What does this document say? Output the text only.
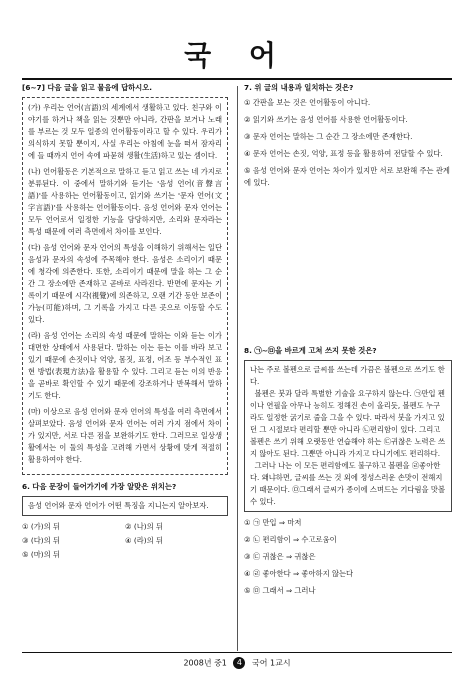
국 어
[6~7] 다음 글을 읽고 물음에 답하시오.
(가) 우리는 언어(言語)의 세계에서 생활하고 있다. 친구와 이야기를 하거나 책을 읽는 것뿐만 아니라, 간판을 보거나 노래를 부르는 것 모두 일종의 언어활동이라고 할 수 있다. 우리가 의식하지 못할 뿐이지, 사실 우리는 아침에 눈을 떠서 잠자리에 들 때까지 언어 속에 파묻혀 생활(生活)하고 있는 셈이다.
(나) 언어활동은 기본적으로 말하고 듣고 읽고 쓰는 네 가지로 분류된다. 이 중에서 말하기와 듣기는 '음성 언어(音聲言語)'를 사용하는 언어활동이고, 읽기와 쓰기는 '문자 언어(文字言語)'를 사용하는 언어활동이다. 음성 언어와 문자 언어는 모두 언어로서 일정한 기능을 담당하지만, 소리와 문자라는 특성 때문에 여러 측면에서 차이를 보인다.
(다) 음성 언어와 문자 언어의 특성을 이해하기 위해서는 일단 음성과 문자의 속성에 주목해야 한다. 음성은 소리이기 때문에 청각에 의존한다. 또한, 소리이기 때문에 말을 하는 그 순간 그 장소에만 존재하고 곧바로 사라진다. 반면에 문자는 기록이기 때문에 시각(視覺)에 의존하고, 오랜 기간 동안 보존이 가능(可能)하며, 그 기록을 가지고 다른 곳으로 이동할 수도 있다.
(라) 음성 언어는 소리의 속성 때문에 말하는 이와 듣는 이가 대면한 상태에서 사용된다. 말하는 이는 듣는 이를 바라 보고 있기 때문에 손짓이나 억양, 몸짓, 표정, 어조 등 부수적인 표현 방법(表現方法)을 활용할 수 있다. 그리고 듣는 이의 반응을 곧바로 확인할 수 있기 때문에 강조하거나 반복해서 말하기도 한다.
(마) 이상으로 음성 언어와 문자 언어의 특성을 여러 측면에서 살펴보았다. 음성 언어와 문자 언어는 여러 가지 점에서 차이가 있지만, 서로 다른 점을 보완하기도 한다. 그러므로 일상생활에서는 이 둘의 특성을 고려해 가면서 상황에 맞게 적절히 활용하여야 한다.
6. 다음 문장이 들어가기에 가장 알맞은 위치는?
음성 언어와 문자 언어가 어떤 특징을 지니는지 알아보자.
① (가)의 뒤	② (나)의 뒤
③ (다)의 뒤	④ (라)의 뒤
⑤ (마)의 뒤
7. 위 글의 내용과 일치하는 것은?
① 간판을 보는 것은 언어활동이 아니다.
② 읽기와 쓰기는 음성 언어를 사용한 언어활동이다.
③ 문자 언어는 말하는 그 순간 그 장소에만 존재한다.
④ 문자 언어는 손짓, 억양, 표정 등을 활용하여 전달할 수 있다.
⑤ 음성 언어와 문자 언어는 차이가 있지만 서로 보완해 주는 관계에 있다.
8. ㉠~㉤을 바르게 고쳐 쓰지 못한 것은?
나는 주로 볼펜으로 글씨를 쓰는데 가끔은 볼펜으로 쓰기도 한다.
볼펜은 붓과 달라 특별한 기술을 요구하지 않는다. ㉠만입 펜이나 연필을 아무나 능히도 정해진 손이 올리듯, 볼펜도 누구라도 일정한 굵기로 줄을 그을 수 있다. 따라서 붓을 가지고 있던 그 시절보다 편리할 뿐만 아니라 ㉡편리함이 있다. 그리고 볼펜은 쓰기 위해 오랫동안 연습해야 하는 ㉢귀찮은 노력은 쓰지 않아도 된다. 그뿐만 아니라 가지고 다니기에도 편리하다.
그러나 나는 이 모든 편리함에도 불구하고 볼펜을 ㉣좋아한다. 왜냐하면, 글씨를 쓰는 것 외에 정성스러운 손맛이 전해지기 때문이다. ㉤그래서 글씨가 종이에 스며드는 기다림을 맛볼 수 있다.
① ㉠ 만입 ⇒ 마저
② ㉡ 편리함이 ⇒ 수고로움이
③ ㉢ 귀찮은 ⇒ 귀찮은
④ ㉣ 좋아한다 ⇒ 좋아하지 않는다
⑤ ㉤ 그래서 ⇒ 그러나
2008년 중1 4 국어 1교시
